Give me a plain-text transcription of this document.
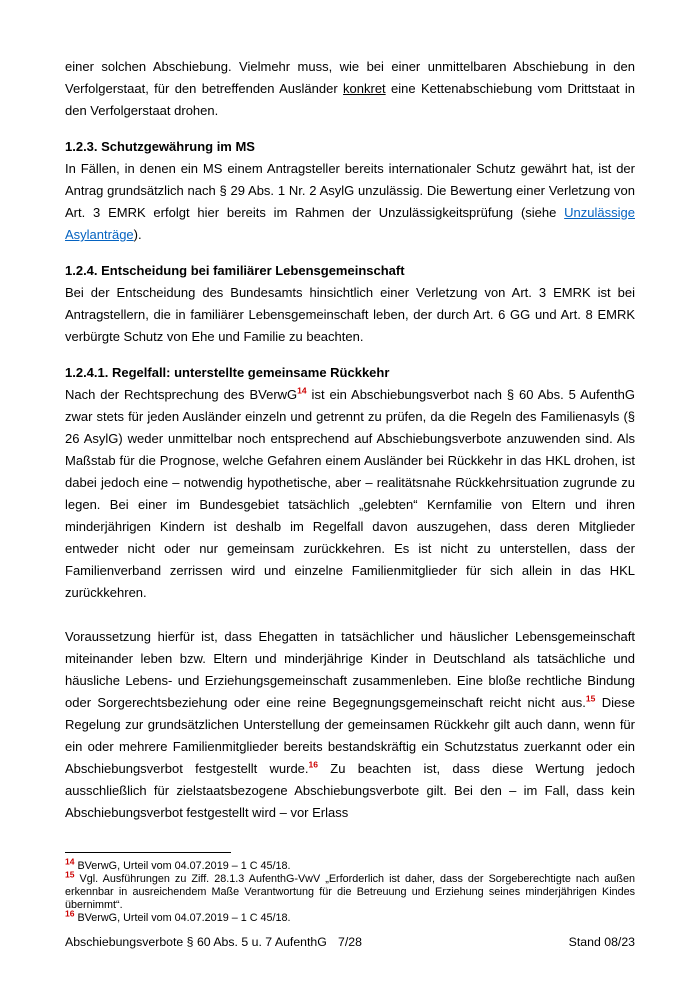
einer solchen Abschiebung. Vielmehr muss, wie bei einer unmittelbaren Abschiebung in den Verfolgerstaat, für den betreffenden Ausländer konkret eine Kettenabschiebung vom Drittstaat in den Verfolgerstaat drohen.

1.2.3. Schutzgewährung im MS

In Fällen, in denen ein MS einem Antragsteller bereits internationaler Schutz gewährt hat, ist der Antrag grundsätzlich nach § 29 Abs. 1 Nr. 2 AsylG unzulässig. Die Bewertung einer Verletzung von Art. 3 EMRK erfolgt hier bereits im Rahmen der Unzulässigkeitsprüfung (siehe Unzulässige Asylanträge).

1.2.4. Entscheidung bei familiärer Lebensgemeinschaft

Bei der Entscheidung des Bundesamts hinsichtlich einer Verletzung von Art. 3 EMRK ist bei Antragstellern, die in familiärer Lebensgemeinschaft leben, der durch Art. 6 GG und Art. 8 EMRK verbürgte Schutz von Ehe und Familie zu beachten.

1.2.4.1. Regelfall: unterstellte gemeinsame Rückkehr

Nach der Rechtsprechung des BVerwG$^{14}$ ist ein Abschiebungsverbot nach § 60 Abs. 5 AufenthG zwar stets für jeden Ausländer einzeln und getrennt zu prüfen, da die Regeln des Familienasyls (§ 26 AsylG) weder unmittelbar noch entsprechend auf Abschiebungsverbote anzuwenden sind. Als Maßstab für die Prognose, welche Gefahren einem Ausländer bei Rückkehr in das HKL drohen, ist dabei jedoch eine – notwendig hypothetische, aber – realitätsnahe Rückkehrsituation zugrunde zu legen. Bei einer im Bundesgebiet tatsächlich „gelebten“ Kernfamilie von Eltern und ihren minderjährigen Kindern ist deshalb im Regelfall davon auszugehen, dass deren Mitglieder entweder nicht oder nur gemeinsam zurückkehren. Es ist nicht zu unterstellen, dass der Familienverband zerrissen wird und einzelne Familienmitglieder für sich allein in das HKL zurückkehren.

Voraussetzung hierfür ist, dass Ehegatten in tatsächlicher und häuslicher Lebensgemeinschaft miteinander leben bzw. Eltern und minderjährige Kinder in Deutschland als tatsächliche und häusliche Lebens- und Erziehungsgemeinschaft zusammenleben. Eine bloße rechtliche Bindung oder Sorgerechtsbeziehung oder eine reine Begegnungsgemeinschaft reicht nicht aus.$^{15}$ Diese Regelung zur grundsätzlichen Unterstellung der gemeinsamen Rückkehr gilt auch dann, wenn für ein oder mehrere Familienmitglieder bereits bestandskräftig ein Schutzstatus zuerkannt oder ein Abschiebungsverbot festgestellt wurde.$^{16}$ Zu beachten ist, dass diese Wertung jedoch ausschließlich für zielstaatsbezogene Abschiebungsverbote gilt. Bei den – im Fall, dass kein Abschiebungsverbot festgestellt wird – vor Erlass

$^{14}$ BVerwG, Urteil vom 04.07.2019 – 1 C 45/18.

$^{15}$ Vgl. Ausführungen zu Ziff. 28.1.3 AufenthG-VwV „Erforderlich ist daher, dass der Sorgeberechtigte nach außen erkennbar in ausreichendem Maße Verantwortung für die Betreuung und Erziehung seines minderjährigen Kindes übernimmt“.

$^{16}$ BVerwG, Urteil vom 04.07.2019 – 1 C 45/18.

Abschiebungsverbote § 60 Abs. 5 u. 7 AufenthG 7/28	Stand 08/23
